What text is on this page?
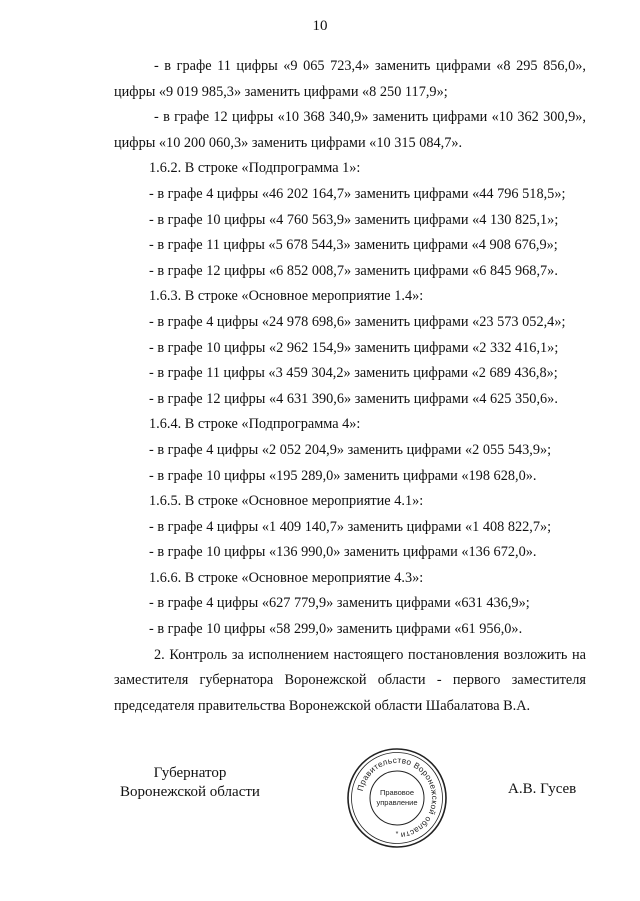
10
- в графе 11 цифры «9 065 723,4» заменить цифрами «8 295 856,0»,
цифры «9 019 985,3» заменить цифрами «8 250 117,9»;
- в графе 12 цифры «10 368 340,9» заменить цифрами «10 362 300,9»,
цифры «10 200 060,3» заменить цифрами «10 315 084,7».
1.6.2. В строке «Подпрограмма 1»:
- в графе 4 цифры «46 202 164,7» заменить цифрами «44 796 518,5»;
- в графе 10 цифры «4 760 563,9» заменить цифрами «4 130 825,1»;
- в графе 11 цифры «5 678 544,3» заменить цифрами «4 908 676,9»;
- в графе 12 цифры «6 852 008,7» заменить цифрами «6 845 968,7».
1.6.3. В строке «Основное мероприятие 1.4»:
- в графе 4 цифры «24 978 698,6» заменить цифрами «23 573 052,4»;
- в графе 10 цифры «2 962 154,9» заменить цифрами «2 332 416,1»;
- в графе 11 цифры «3 459 304,2» заменить цифрами «2 689 436,8»;
- в графе 12 цифры «4 631 390,6» заменить цифрами «4 625 350,6».
1.6.4. В строке «Подпрограмма 4»:
- в графе 4 цифры «2 052 204,9» заменить цифрами «2 055 543,9»;
- в графе 10 цифры «195 289,0» заменить цифрами «198 628,0».
1.6.5. В строке «Основное мероприятие 4.1»:
- в графе 4 цифры «1 409 140,7» заменить цифрами «1 408 822,7»;
- в графе 10 цифры «136 990,0» заменить цифрами «136 672,0».
1.6.6. В строке «Основное мероприятие 4.3»:
- в графе 4 цифры «627 779,9» заменить цифрами «631 436,9»;
- в графе 10 цифры «58 299,0» заменить цифрами «61 956,0».
2. Контроль за исполнением настоящего постановления возложить на
заместителя губернатора Воронежской области - первого заместителя
председателя правительства Воронежской области Шабалатова В.А.
Губернатор
Воронежской области	Правительство Воронежской области
Правовое
управление
*
А.В. Гусев
